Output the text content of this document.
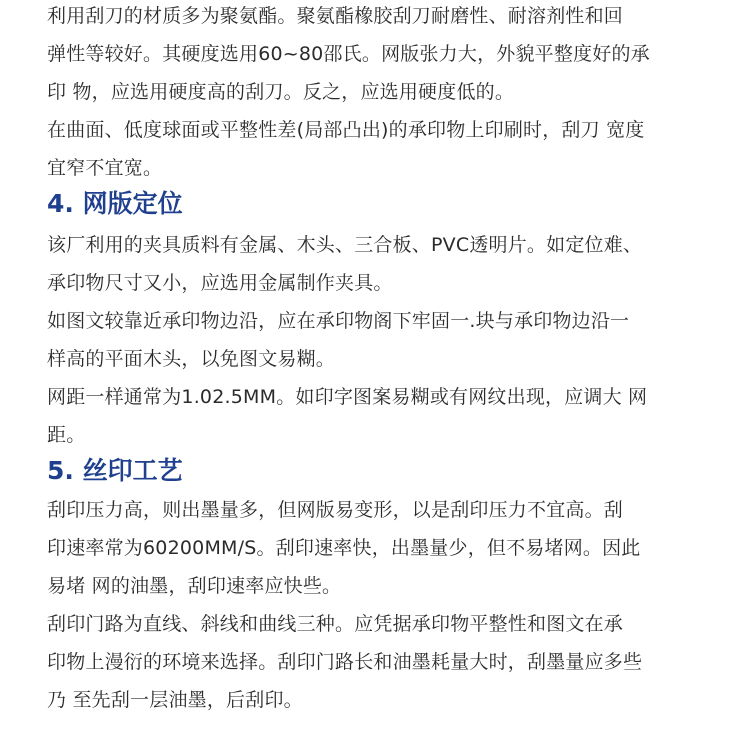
利用刮刀的材质多为聚氨酯。聚氨酯橡胶刮刀耐磨性、耐溶剂性和回
弹性等较好。其硬度选用60~80邵氏。网版张力大，外貌平整度好的承
印 物，应选用硬度高的刮刀。反之，应选用硬度低的。
在曲面、低度球面或平整性差(局部凸出)的承印物上印刷时，刮刀 宽度
宜窄不宜宽。
4. 网版定位
该厂利用的夹具质料有金属、木头、三合板、PVC透明片。如定位难、
承印物尺寸又小，应选用金属制作夹具。
如图文较靠近承印物边沿，应在承印物阁下牢固一.块与承印物边沿一
样高的平面木头，以免图文易糊。
网距一样通常为1.02.5MM。如印字图案易糊或有网纹出现，应调大 网
距。
5. 丝印工艺
刮印压力高，则出墨量多，但网版易变形，以是刮印压力不宜高。刮
印速率常为60200MM/S。刮印速率快，出墨量少，但不易堵网。因此
易堵 网的油墨，刮印速率应快些。
刮印门路为直线、斜线和曲线三种。应凭据承印物平整性和图文在承
印物上漫衍的环境来选择。刮印门路长和油墨耗量大时，刮墨量应多些
乃 至先刮一层油墨，后刮印。
